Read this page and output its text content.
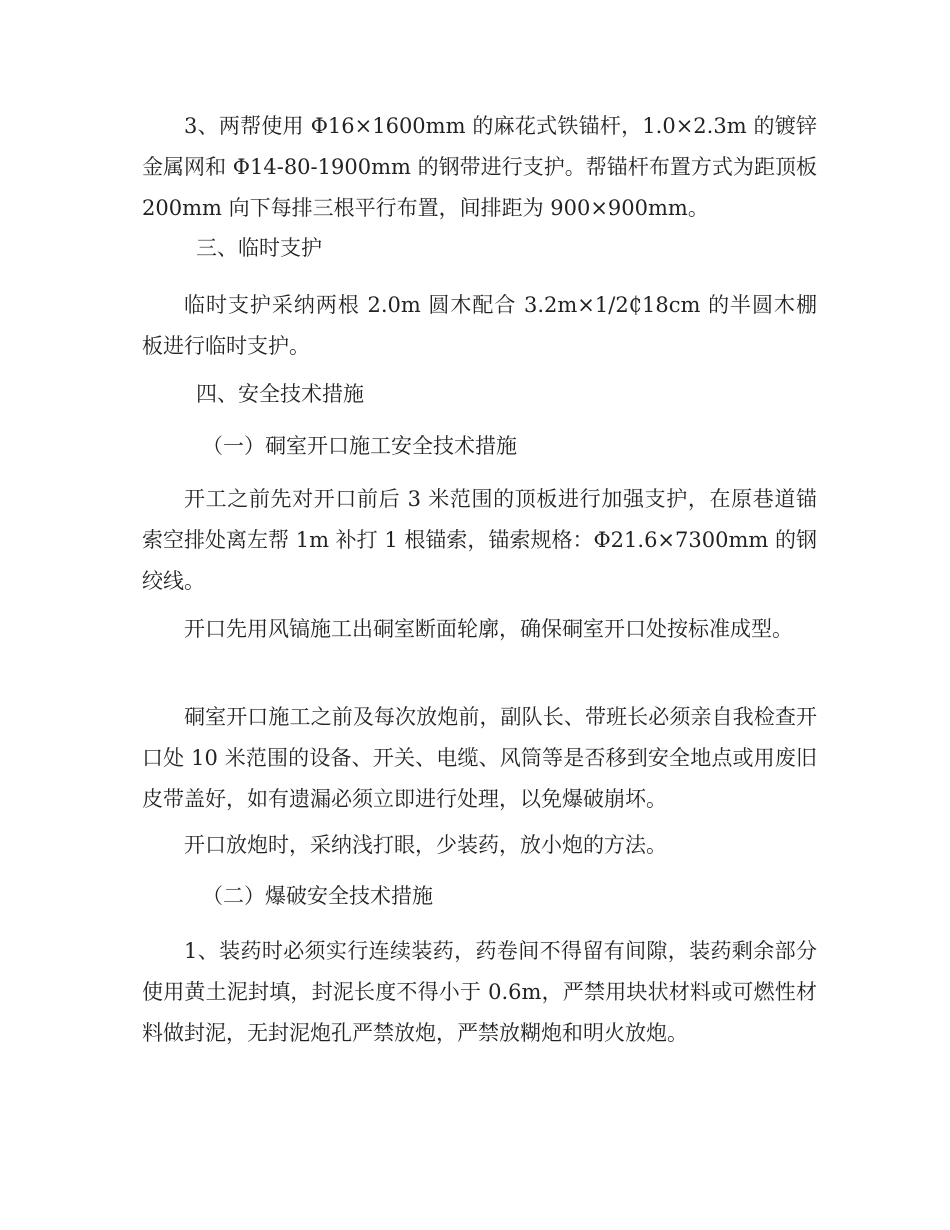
3、两帮使用 Φ16×1600mm 的麻花式铁锚杆，1.0×2.3m 的镀锌金属网和 Φ14-80-1900mm 的钢带进行支护。帮锚杆布置方式为距顶板200mm 向下每排三根平行布置，间排距为 900×900mm。

三、临时支护

临时支护采纳两根 2.0m 圆木配合 3.2m×1/2₵18cm 的半圆木棚板进行临时支护。

四、安全技术措施

（一）硐室开口施工安全技术措施

开工之前先对开口前后 3 米范围的顶板进行加强支护，在原巷道锚索空排处离左帮 1m 补打 1 根锚索，锚索规格：Φ21.6×7300mm 的钢绞线。

开口先用风镐施工出硐室断面轮廓，确保硐室开口处按标准成型。

硐室开口施工之前及每次放炮前，副队长、带班长必须亲自我检查开口处 10 米范围的设备、开关、电缆、风筒等是否移到安全地点或用废旧皮带盖好，如有遗漏必须立即进行处理，以免爆破崩坏。

开口放炮时，采纳浅打眼，少装药，放小炮的方法。

（二）爆破安全技术措施

1、装药时必须实行连续装药，药卷间不得留有间隙，装药剩余部分使用黄土泥封填，封泥长度不得小于 0.6m，严禁用块状材料或可燃性材料做封泥，无封泥炮孔严禁放炮，严禁放糊炮和明火放炮。
